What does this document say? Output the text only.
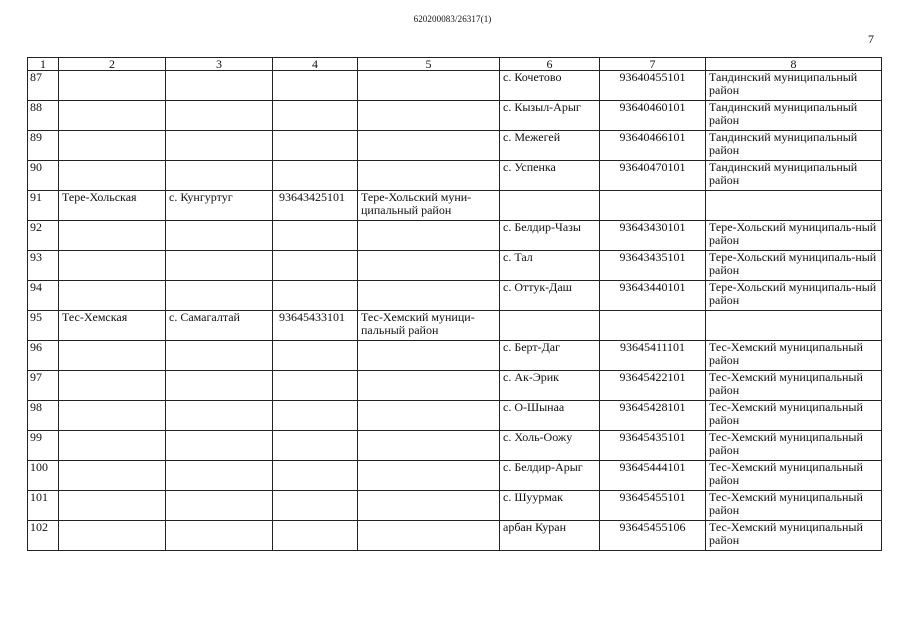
620200083/26317(1)
7
1	2	3	4	5	6	7	8
87					с. Кочетово	93640455101	Тандинский муниципальный район
88					с. Кызыл-Арыг	93640460101	Тандинский муниципальный район
89					с. Межегей	93640466101	Тандинский муниципальный район
90					с. Успенка	93640470101	Тандинский муниципальный район
91	Тере-Хольская	с. Кунгуртуг	93643425101	Тере-Хольский муни-ципальный район			
92					с. Белдир-Чазы	93643430101	Тере-Хольский муниципаль-ный район
93					с. Тал	93643435101	Тере-Хольский муниципаль-ный район
94					с. Оттук-Даш	93643440101	Тере-Хольский муниципаль-ный район
95	Тес-Хемская	с. Самагалтай	93645433101	Тес-Хемский муници-пальный район			
96					с. Берт-Даг	93645411101	Тес-Хемский муниципальный район
97					с. Ак-Эрик	93645422101	Тес-Хемский муниципальный район
98					с. О-Шынаа	93645428101	Тес-Хемский муниципальный район
99					с. Холь-Оожу	93645435101	Тес-Хемский муниципальный район
100					с. Белдир-Арыг	93645444101	Тес-Хемский муниципальный район
101					с. Шуурмак	93645455101	Тес-Хемский муниципальный район
102					арбан Куран	93645455106	Тес-Хемский муниципальный район
